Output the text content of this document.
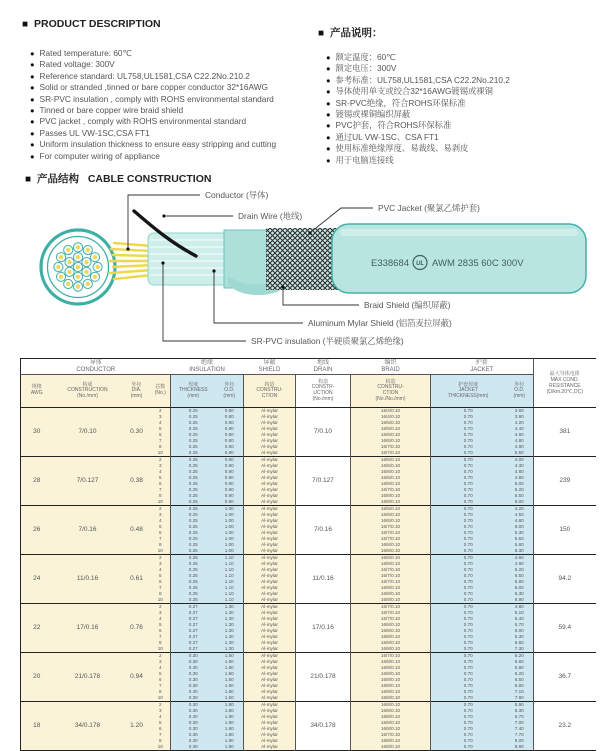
■ PRODUCT DESCRIPTION
● Rated temperature: 60℃
● Rated voltage: 300V
● Reference standard: UL758,UL1581,CSA C22.2No.210.2
● Solid or stranded ,tinned or bare copper conductor 32*16AWG
● SR-PVC insulation , comply with ROHS environmental standard
● Tinned or bare copper wire braid shield
● PVC jacket , comply with ROHS environmental standard
● Passes UL VW-1SC,CSA FT1
● Uniform insulation thickness to ensure easy stripping and cutting
● For computer wiring of appliance
■ 产品说明：
● 额定温度：60℃
● 额定电压：300V
● 参考标准：UL758,UL1581,CSA C22.2No.210.2
● 导体使用单支或绞合32*16AWG镀锡或裸铜
● SR-PVC绝缘，符合ROHS环保标准
● 镀锡或裸铜编织屏蔽
● PVC护套，符合ROHS环保标准
● 通过UL VW-1SC、CSA FT1
● 使用标准绝缘厚度、易裁线、易剥皮
● 用于电脑连接线
■ 产品结构 CABLE CONSTRUCTION
E338684 UL AWM 2835 60C 300V
Conductor (导体)
Drain Wire (地线)
PVC Jacket (聚氯乙烯护套)
Braid Shield (编织屏蔽)
Aluminum Mylar Shield (铝箔麦拉屏蔽)
SR-PVC insulation (半硬质聚氯乙烯绝缘)
导体
CONDUCTOR				绝缘
INSULATION		屏蔽
SHIELD	地线
DRAIN	编织
BRAID	护套
JACKET		最大导体电阻
MAX COND.
RESISTANCE
(Ω/km,20℃,DC)
规格
AWG	构成
CONSTRUCTION
(No./mm)	外径
DIA.
(mm)	芯数
(No.)	厚度
THICKNESS
(mm)	外径
O.D.
(mm)	构造
CONSTRU-
CTION	构造
CONSTR-
UCTION
(No./mm)	构造
CONSTRU-
CTION
(No./No./mm)	护套厚度
JACKET
THICKNESS(mm)	外径
O.D.
(mm)	
30	7/0.10	0.30	2	0.25	0.80	Al-mylar	7/0.10	16/4/0.10	0.70	3.60	381
			3	0.25	0.80	Al-mylar		16/4/0.10	0.70	3.90	
			4	0.25	0.80	Al-mylar		16/5/0.10	0.70	4.20	
			5	0.25	0.80	Al-mylar		16/5/0.10	0.70	4.40	
			6	0.25	0.80	Al-mylar		16/6/0.10	0.70	4.60	
			7	0.25	0.80	Al-mylar		16/6/0.10	0.70	4.80	
			8	0.25	0.80	Al-mylar		16/7/0.10	0.70	4.90	
			10	0.25	0.80	Al-mylar		16/7/0.10	0.70	5.50	
28	7/0.127	0.38	2	0.25	0.90	Al-mylar	7/0.127	16/5/0.10	0.70	4.00	239
			3	0.25	0.90	Al-mylar		16/5/0.10	0.70	4.30	
			4	0.25	0.90	Al-mylar		16/6/0.10	0.70	4.60	
			5	0.25	0.90	Al-mylar		16/6/0.10	0.70	4.80	
			6	0.25	0.90	Al-mylar		16/6/0.10	0.70	5.00	
			7	0.25	0.90	Al-mylar		16/7/0.10	0.70	5.20	
			8	0.25	0.90	Al-mylar		16/8/0.10	0.70	5.50	
			10	0.25	0.90	Al-mylar		16/8/0.10	0.70	6.00	
26	7/0.16	0.48	2	0.25	1.00	Al-mylar	7/0.16	16/5/0.10	0.70	4.20	150
			3	0.25	1.00	Al-mylar		16/6/0.10	0.70	4.50	
			4	0.25	1.00	Al-mylar		16/6/0.10	0.70	4.80	
			5	0.25	1.00	Al-mylar		16/7/0.10	0.70	5.00	
			6	0.25	1.00	Al-mylar		16/7/0.10	0.70	5.30	
			7	0.25	1.00	Al-mylar		16/7/0.10	0.70	5.50	
			8	0.25	1.00	Al-mylar		16/8/0.10	0.70	5.80	
			10	0.25	1.00	Al-mylar		16/8/0.10	0.70	6.30	
24	11/0.16	0.61	2	0.25	1.10	Al-mylar	11/0.16	16/6/0.10	0.70	4.60	94.2
			3	0.25	1.10	Al-mylar		16/6/0.10	0.70	4.90	
			4	0.25	1.10	Al-mylar		16/7/0.10	0.70	5.20	
			5	0.25	1.10	Al-mylar		16/7/0.10	0.70	5.50	
			6	0.25	1.10	Al-mylar		16/7/0.10	0.70	5.80	
			7	0.25	1.10	Al-mylar		16/8/0.10	0.70	6.00	
			8	0.25	1.10	Al-mylar		16/8/0.10	0.70	6.30	
			10	0.25	1.10	Al-mylar		16/8/0.10	0.70	6.90	
22	17/0.16	0.76	2	0.27	1.30	Al-mylar	17/0.16	16/7/0.10	0.70	4.80	59.4
			3	0.27	1.30	Al-mylar		16/7/0.10	0.70	5.10	
			4	0.27	1.30	Al-mylar		16/7/0.10	0.70	5.40	
			5	0.27	1.30	Al-mylar		16/8/0.10	0.70	5.70	
			6	0.27	1.30	Al-mylar		16/8/0.10	0.70	6.00	
			7	0.27	1.30	Al-mylar		16/8/0.10	0.70	6.30	
			8	0.27	1.30	Al-mylar		16/8/0.10	0.70	6.60	
			10	0.27	1.30	Al-mylar		16/8/0.10	0.70	7.30	
20	21/0.178	0.94	2	0.30	1.50	Al-mylar	21/0.178	16/7/0.10	0.70	5.20	36.7
			3	0.30	1.50	Al-mylar		16/8/0.10	0.70	5.60	
			4	0.30	1.50	Al-mylar		16/8/0.10	0.70	5.90	
			5	0.30	1.50	Al-mylar		16/8/0.10	0.70	6.20	
			6	0.30	1.50	Al-mylar		16/8/0.10	0.70	6.50	
			7	0.30	1.50	Al-mylar		16/8/0.10	0.70	6.80	
			8	0.30	1.50	Al-mylar		16/8/0.10	0.70	7.10	
			10	0.30	1.50	Al-mylar		16/8/0.10	0.70	7.90	
18	34/0.178	1.20	2	0.30	1.80	Al-mylar	34/0.178	16/8/0.10	0.70	5.90	23.2
			3	0.30	1.80	Al-mylar		16/8/0.10	0.70	6.30	
			4	0.30	1.80	Al-mylar		16/8/0.10	0.70	6.70	
			5	0.30	1.80	Al-mylar		16/8/0.10	0.70	7.00	
			6	0.30	1.80	Al-mylar		16/8/0.10	0.70	7.40	
			7	0.30	1.80	Al-mylar		16/7/0.10	0.70	7.70	
			8	0.30	1.80	Al-mylar		16/8/0.10	0.70	8.00	
			10	0.30	1.80	Al-mylar		16/8/0.10	0.70	8.90	
